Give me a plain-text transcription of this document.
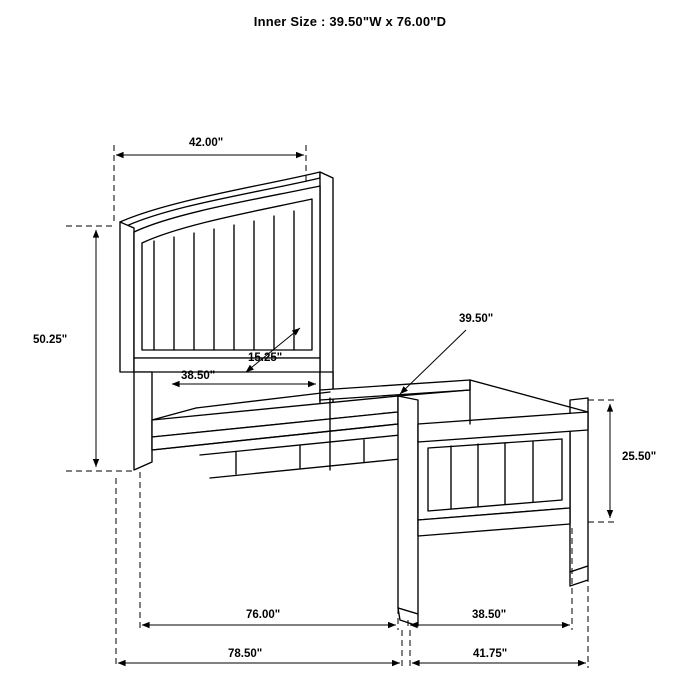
Inner Size : 39.50"W x 76.00"D
42.00"
50.25"
38.50"
15.25"
39.50"
25.50"
76.00"	38.50"
78.50"	41.75"
